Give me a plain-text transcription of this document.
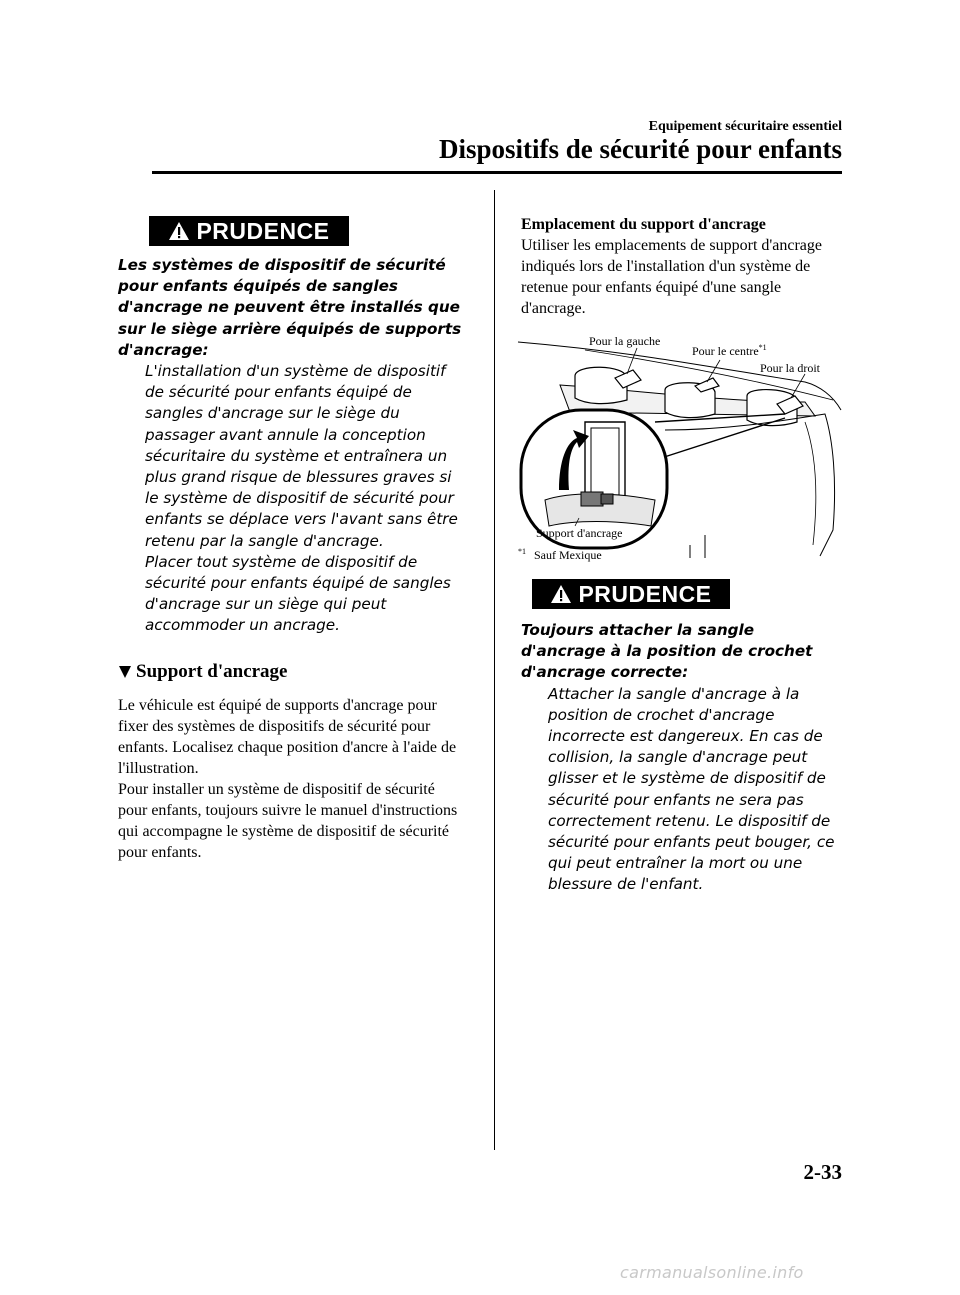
Equipement sécuritaire essentiel
Dispositifs de sécurité pour enfants
PRUDENCE

Les systèmes de dispositif de sécurité pour enfants équipés de sangles d'ancrage ne peuvent être installés que sur le siège arrière équipés de supports d'ancrage:

L'installation d'un système de dispositif de sécurité pour enfants équipé de sangles d'ancrage sur le siège du passager avant annule la conception sécuritaire du système et entraînera un plus grand risque de blessures graves si le système de dispositif de sécurité pour enfants se déplace vers l'avant sans être retenu par la sangle d'ancrage.

Placer tout système de dispositif de sécurité pour enfants équipé de sangles d'ancrage sur un siège qui peut accommoder un ancrage.

Support d'ancrage

Le véhicule est équipé de supports d'ancrage pour fixer des systèmes de dispositifs de sécurité pour enfants. Localisez chaque position d'ancre à l'aide de l'illustration.

Pour installer un système de dispositif de sécurité pour enfants, toujours suivre le manuel d'instructions qui accompagne le système de dispositif de sécurité pour enfants.

Emplacement du support d'ancrage

Utiliser les emplacements de support d'ancrage indiqués lors de l'installation d'un système de retenue pour enfants équipé d'une sangle d'ancrage.

Pour la gauche
Pour le centre$^{*1}$
Pour la droit
Support d'ancrage
$^{*1}$ Sauf Mexique
PRUDENCE

Toujours attacher la sangle d'ancrage à la position de crochet d'ancrage correcte:

Attacher la sangle d'ancrage à la position de crochet d'ancrage incorrecte est dangereux. En cas de collision, la sangle d'ancrage peut glisser et le système de dispositif de sécurité pour enfants ne sera pas correctement retenu. Le dispositif de sécurité pour enfants peut bouger, ce qui peut entraîner la mort ou une blessure de l'enfant.

2-33
carmanualsonline.info
